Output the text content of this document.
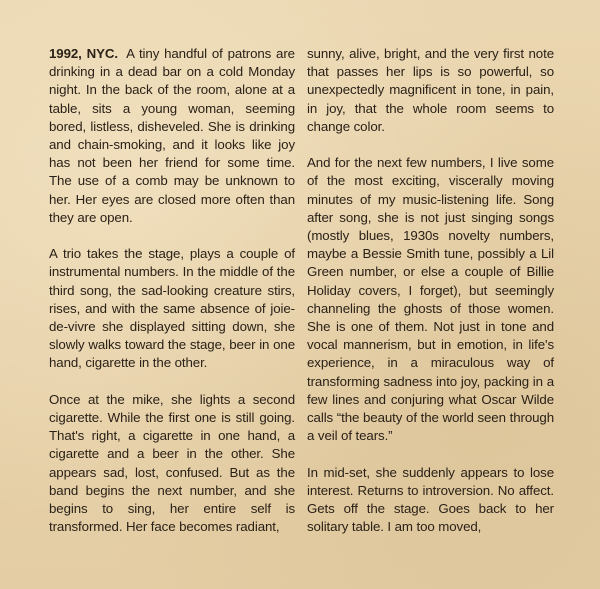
1992, NYC. A tiny handful of patrons are drinking in a dead bar on a cold Monday night. In the back of the room, alone at a table, sits a young woman, seeming bored, listless, disheveled. She is drinking and chain-smoking, and it looks like joy has not been her friend for some time. The use of a comb may be unknown to her. Her eyes are closed more often than they are open.

A trio takes the stage, plays a couple of instrumental numbers. In the middle of the third song, the sad-looking creature stirs, rises, and with the same absence of joie-de-vivre she displayed sitting down, she slowly walks toward the stage, beer in one hand, cigarette in the other.

Once at the mike, she lights a second cigarette. While the first one is still going. That's right, a cigarette in one hand, a cigarette and a beer in the other. She appears sad, lost, confused. But as the band begins the next number, and she begins to sing, her entire self is transformed. Her face becomes radiant,

sunny, alive, bright, and the very first note that passes her lips is so powerful, so unexpectedly magnificent in tone, in pain, in joy, that the whole room seems to change color.

And for the next few numbers, I live some of the most exciting, viscerally moving minutes of my music-listening life. Song after song, she is not just singing songs (mostly blues, 1930s novelty numbers, maybe a Bessie Smith tune, possibly a Lil Green number, or else a couple of Billie Holiday covers, I forget), but seemingly channeling the ghosts of those women. She is one of them. Not just in tone and vocal mannerism, but in emotion, in life's experience, in a miraculous way of transforming sadness into joy, packing in a few lines and conjuring what Oscar Wilde calls “the beauty of the world seen through a veil of tears.”

In mid-set, she suddenly appears to lose interest. Returns to introversion. No affect. Gets off the stage. Goes back to her solitary table. I am too moved,
